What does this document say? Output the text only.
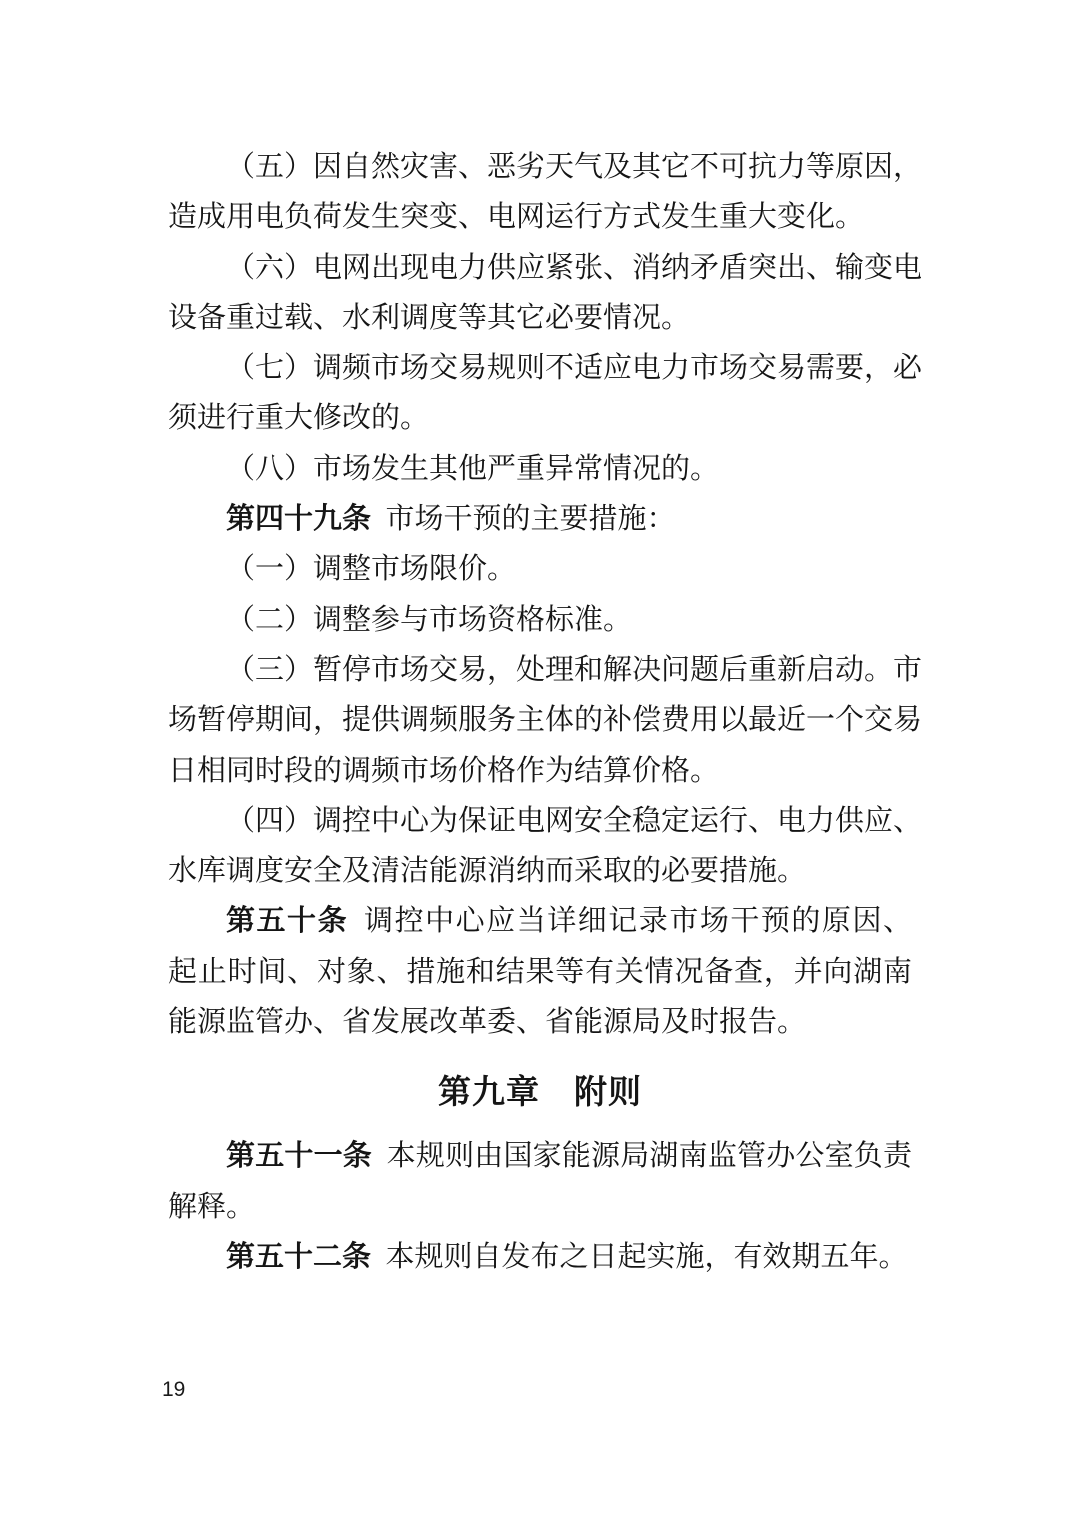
（五）因自然灾害、恶劣天气及其它不可抗力等原因，
造成用电负荷发生突变、电网运行方式发生重大变化。
（六）电网出现电力供应紧张、消纳矛盾突出、输变电
设备重过载、水利调度等其它必要情况。
（七）调频市场交易规则不适应电力市场交易需要，必
须进行重大修改的。
（八）市场发生其他严重异常情况的。
第四十九条 市场干预的主要措施：
（一）调整市场限价。
（二）调整参与市场资格标准。
（三）暂停市场交易，处理和解决问题后重新启动。市
场暂停期间，提供调频服务主体的补偿费用以最近一个交易
日相同时段的调频市场价格作为结算价格。
（四）调控中心为保证电网安全稳定运行、电力供应、
水库调度安全及清洁能源消纳而采取的必要措施。
第五十条 调控中心应当详细记录市场干预的原因、
起止时间、对象、措施和结果等有关情况备查，并向湖南
能源监管办、省发展改革委、省能源局及时报告。
第九章　附则
第五十一条 本规则由国家能源局湖南监管办公室负责
解释。
第五十二条 本规则自发布之日起实施，有效期五年。
19
